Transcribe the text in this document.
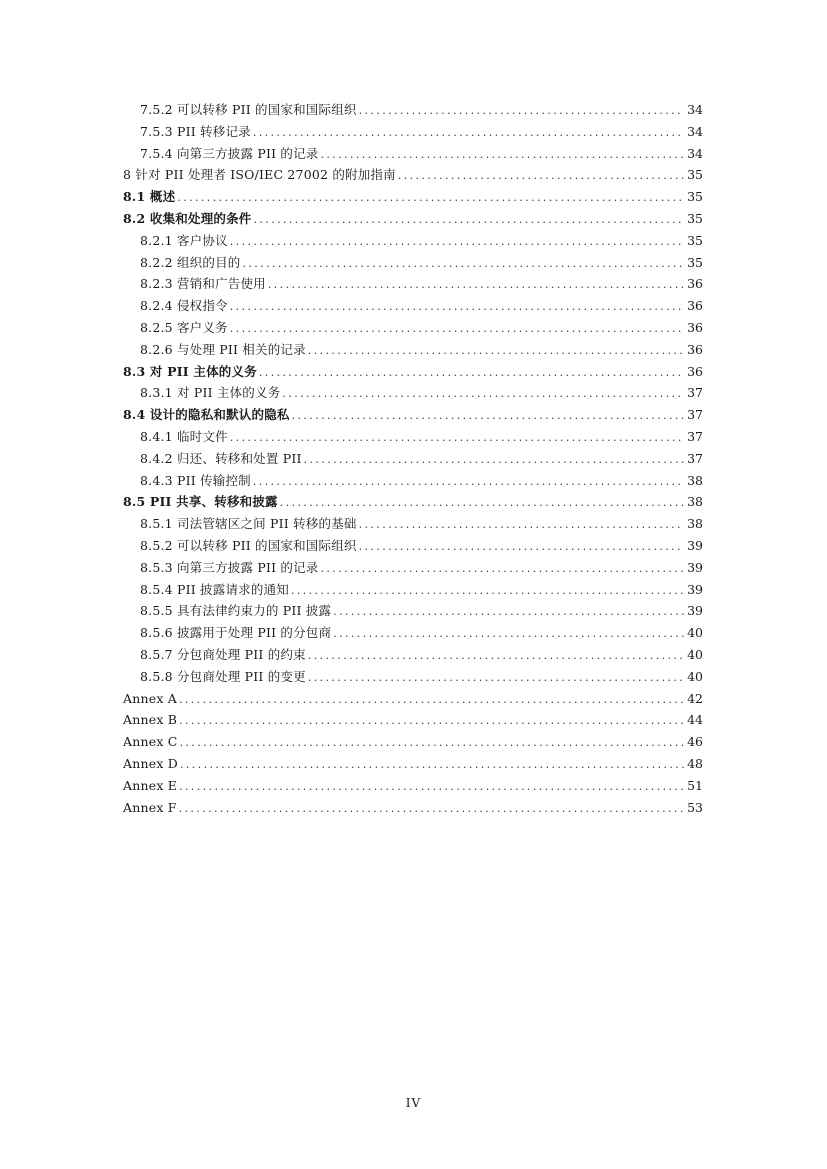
7.5.2 可以转移 PII 的国家和国际组织 .....	34
7.5.3 PII 转移记录 .....	34
7.5.4 向第三方披露 PII 的记录 .....	34
8 针对 PII 处理者 ISO/IEC 27002 的附加指南 .....	35
8.1 概述 .....	35
8.2 收集和处理的条件 .....	35
8.2.1 客户协议 .....	35
8.2.2 组织的目的 .....	35
8.2.3 营销和广告使用 .....	36
8.2.4 侵权指令 .....	36
8.2.5 客户义务 .....	36
8.2.6 与处理 PII 相关的记录 .....	36
8.3 对 PII 主体的义务 .....	36
8.3.1 对 PII 主体的义务 .....	37
8.4 设计的隐私和默认的隐私 .....	37
8.4.1 临时文件 .....	37
8.4.2 归还、转移和处置 PII .....	37
8.4.3 PII 传输控制 .....	38
8.5 PII 共享、转移和披露 .....	38
8.5.1 司法管辖区之间 PII 转移的基础 .....	38
8.5.2 可以转移 PII 的国家和国际组织 .....	39
8.5.3 向第三方披露 PII 的记录 .....	39
8.5.4 PII 披露请求的通知 .....	39
8.5.5 具有法律约束力的 PII 披露 .....	39
8.5.6 披露用于处理 PII 的分包商 .....	40
8.5.7 分包商处理 PII 的约束 .....	40
8.5.8 分包商处理 PII 的变更 .....	40
Annex A .....	42
Annex B .....	44
Annex C .....	46
Annex D .....	48
Annex E .....	51
Annex F .....	53
IV
